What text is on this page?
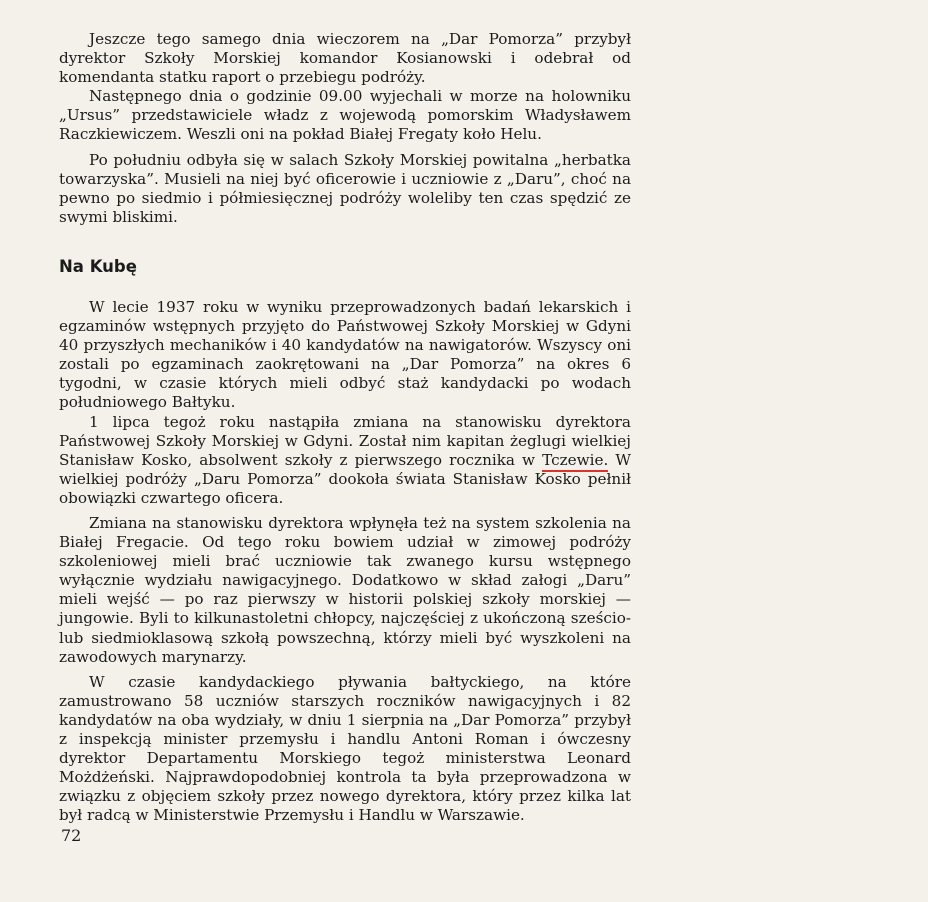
Jeszcze tego samego dnia wieczorem na „Dar Pomorza” przybył dyrektor Szkoły Morskiej komandor Kosianowski i odebrał od komendanta statku raport o przebiegu podróży.

Następnego dnia o godzinie 09.00 wyjechali w morze na holowniku „Ursus” przedstawiciele władz z wojewodą pomorskim Władysławem Raczkiewiczem. Weszli oni na pokład Białej Fregaty koło Helu.

Po południu odbyła się w salach Szkoły Morskiej powitalna „herbatka towarzyska”. Musieli na niej być oficerowie i uczniowie z „Daru”, choć na pewno po siedmio i półmiesięcznej podróży woleliby ten czas spędzić ze swymi bliskimi.

Na Kubę

W lecie 1937 roku w wyniku przeprowadzonych badań lekarskich i egzaminów wstępnych przyjęto do Państwowej Szkoły Morskiej w Gdyni 40 przyszłych mechaników i 40 kandydatów na nawigatorów. Wszyscy oni zostali po egzaminach zaokrętowani na „Dar Pomorza” na okres 6 tygodni, w czasie których mieli odbyć staż kandydacki po wodach południowego Bałtyku.

1 lipca tegoż roku nastąpiła zmiana na stanowisku dyrektora Państwowej Szkoły Morskiej w Gdyni. Został nim kapitan żeglugi wielkiej Stanisław Kosko, absolwent szkoły z pierwszego rocznika w Tczewie. W wielkiej podróży „Daru Pomorza” dookoła świata Stanisław Kosko pełnił obowiązki czwartego oficera.

Zmiana na stanowisku dyrektora wpłynęła też na system szkolenia na Białej Fregacie. Od tego roku bowiem udział w zimowej podróży szkoleniowej mieli brać uczniowie tak zwanego kursu wstępnego wyłącznie wydziału nawigacyjnego. Dodatkowo w skład załogi „Daru” mieli wejść — po raz pierwszy w historii polskiej szkoły morskiej — jungowie. Byli to kilkunastoletni chłopcy, najczęściej z ukończoną sześcio- lub siedmioklasową szkołą powszechną, którzy mieli być wyszkoleni na zawodowych marynarzy.

W czasie kandydackiego pływania bałtyckiego, na które zamustrowano 58 uczniów starszych roczników nawigacyjnych i 82 kandydatów na oba wydziały, w dniu 1 sierpnia na „Dar Pomorza” przybył z inspekcją minister przemysłu i handlu Antoni Roman i ówczesny dyrektor Departamentu Morskiego tegoż ministerstwa Leonard Możdżeński. Najprawdopodobniej kontrola ta była przeprowadzona w związku z objęciem szkoły przez nowego dyrektora, który przez kilka lat był radcą w Ministerstwie Przemysłu i Handlu w Warszawie.

72
